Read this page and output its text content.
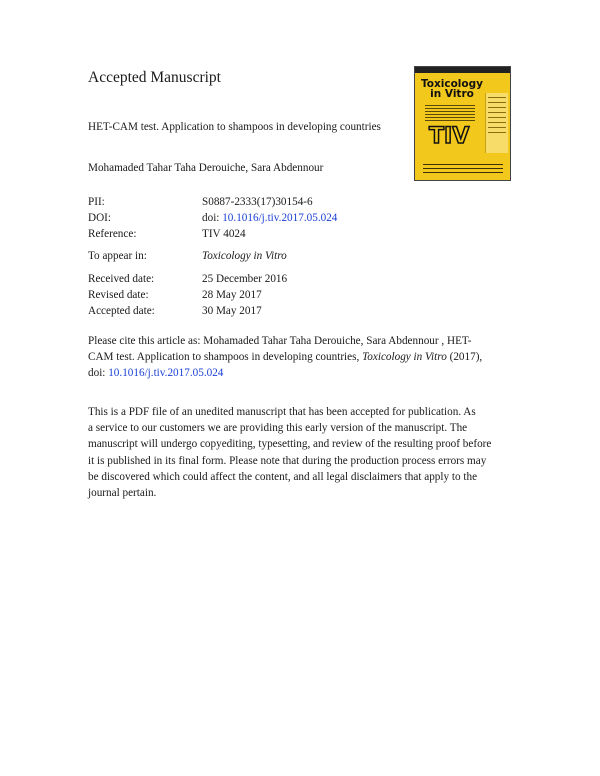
Accepted Manuscript
HET-CAM test. Application to shampoos in developing countries
Mohamaded Tahar Taha Derouiche, Sara Abdennour
Toxicology in Vitro
TIV
PII:	S0887-2333(17)30154-6
DOI:	doi: 10.1016/j.tiv.2017.05.024
Reference:	TIV 4024
To appear in:	Toxicology in Vitro
Received date:	25 December 2016
Revised date:	28 May 2017
Accepted date:	30 May 2017
Please cite this article as: Mohamaded Tahar Taha Derouiche, Sara Abdennour , HET-
CAM test. Application to shampoos in developing countries, Toxicology in Vitro (2017),
doi: 10.1016/j.tiv.2017.05.024
This is a PDF file of an unedited manuscript that has been accepted for publication. As
a service to our customers we are providing this early version of the manuscript. The
manuscript will undergo copyediting, typesetting, and review of the resulting proof before
it is published in its final form. Please note that during the production process errors may
be discovered which could affect the content, and all legal disclaimers that apply to the
journal pertain.
